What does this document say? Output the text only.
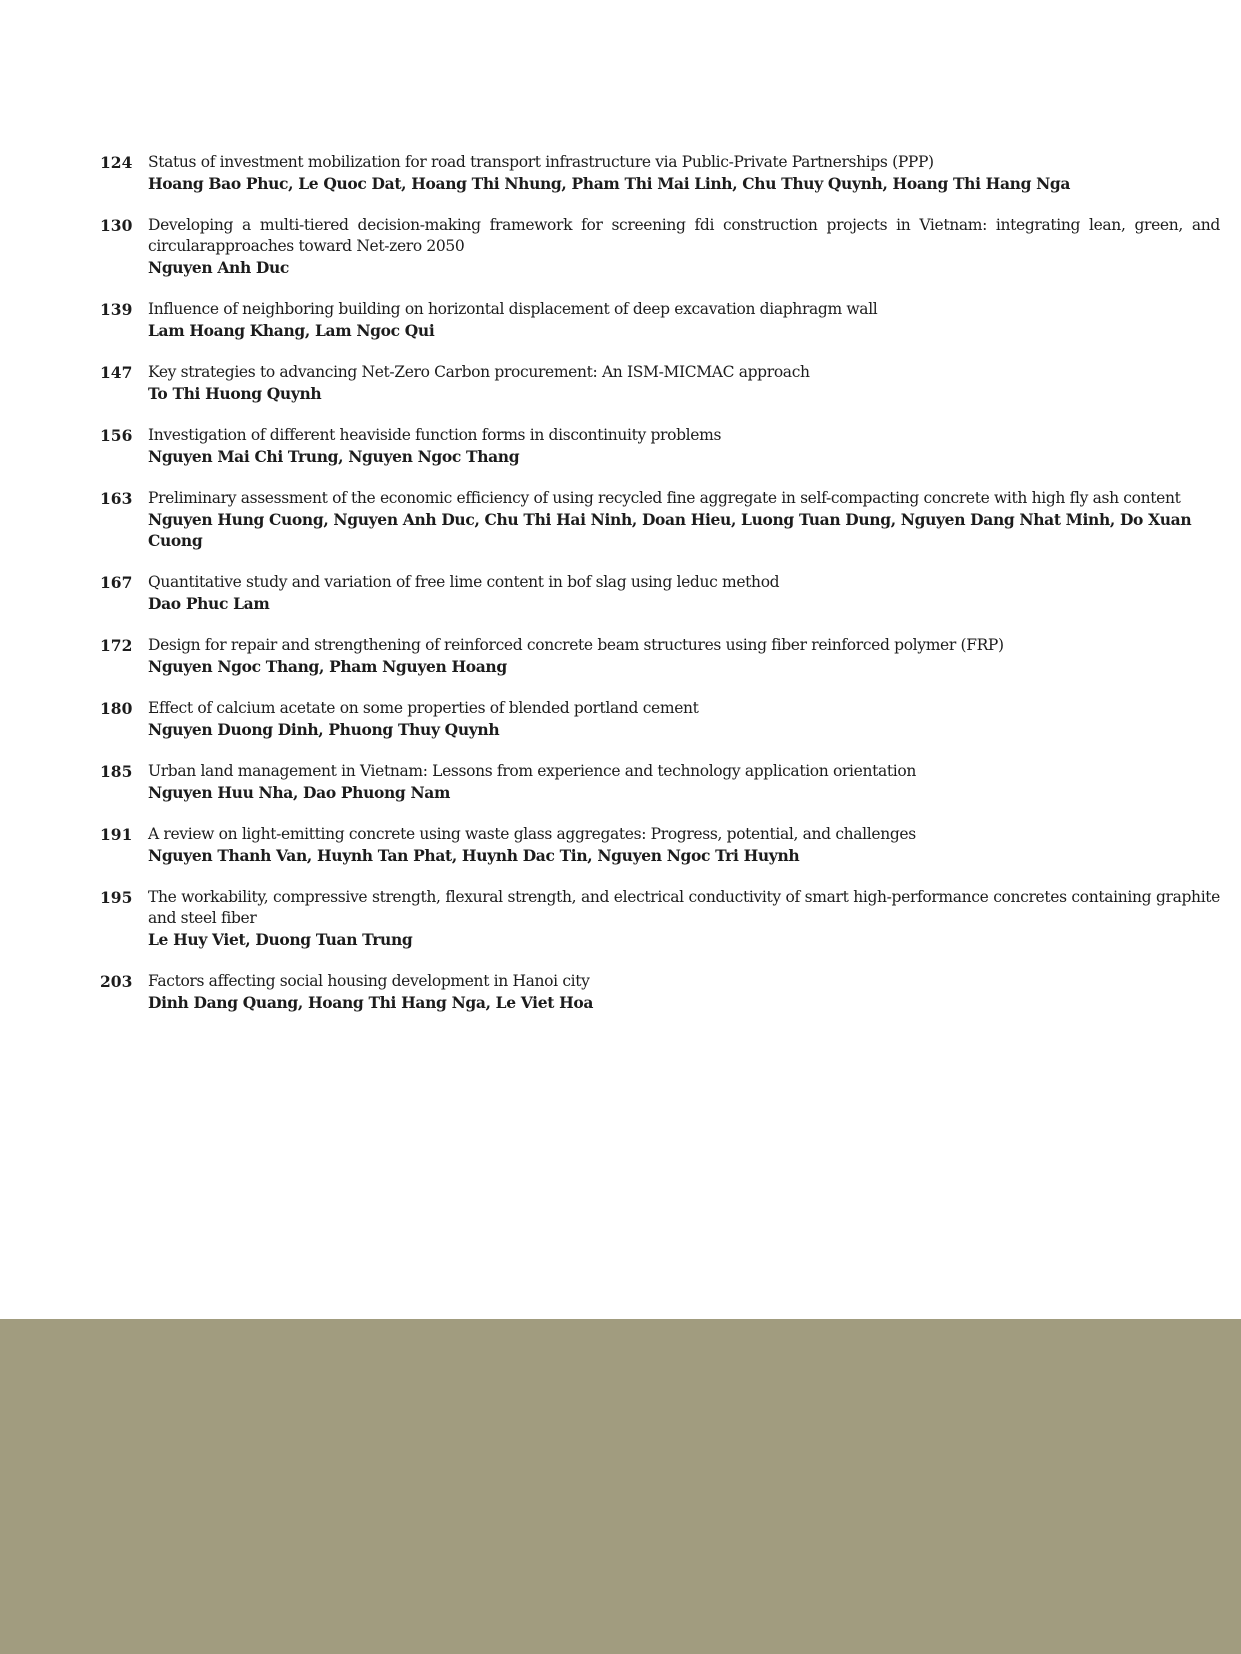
124	Status of investment mobilization for road transport infrastructure via Public-Private Partnerships (PPP)
Hoang Bao Phuc, Le Quoc Dat, Hoang Thi Nhung, Pham Thi Mai Linh, Chu Thuy Quynh, Hoang Thi Hang Nga
130	Developing a multi-tiered decision-making framework for screening fdi construction projects in Vietnam: integrating lean, green, and circularapproaches toward Net-zero 2050
Nguyen Anh Duc
139	Influence of neighboring building on horizontal displacement of deep excavation diaphragm wall
Lam Hoang Khang, Lam Ngoc Qui
147	Key strategies to advancing Net-Zero Carbon procurement: An ISM-MICMAC approach
To Thi Huong Quynh
156	Investigation of different heaviside function forms in discontinuity problems
Nguyen Mai Chi Trung, Nguyen Ngoc Thang
163	Preliminary assessment of the economic efficiency of using recycled fine aggregate in self-compacting concrete with high fly ash content
Nguyen Hung Cuong, Nguyen Anh Duc, Chu Thi Hai Ninh, Doan Hieu, Luong Tuan Dung, Nguyen Dang Nhat Minh, Do Xuan Cuong
167	Quantitative study and variation of free lime content in bof slag using leduc method
Dao Phuc Lam
172	Design for repair and strengthening of reinforced concrete beam structures using fiber reinforced polymer (FRP)
Nguyen Ngoc Thang, Pham Nguyen Hoang
180	Effect of calcium acetate on some properties of blended portland cement
Nguyen Duong Dinh, Phuong Thuy Quynh
185	Urban land management in Vietnam: Lessons from experience and technology application orientation
Nguyen Huu Nha, Dao Phuong Nam
191	A review on light-emitting concrete using waste glass aggregates: Progress, potential, and challenges
Nguyen Thanh Van, Huynh Tan Phat, Huynh Dac Tin, Nguyen Ngoc Tri Huynh
195	The workability, compressive strength, flexural strength, and electrical conductivity of smart high-performance concretes containing graphite and steel fiber
Le Huy Viet, Duong Tuan Trung
203	Factors affecting social housing development in Hanoi city
Dinh Dang Quang, Hoang Thi Hang Nga, Le Viet Hoa
